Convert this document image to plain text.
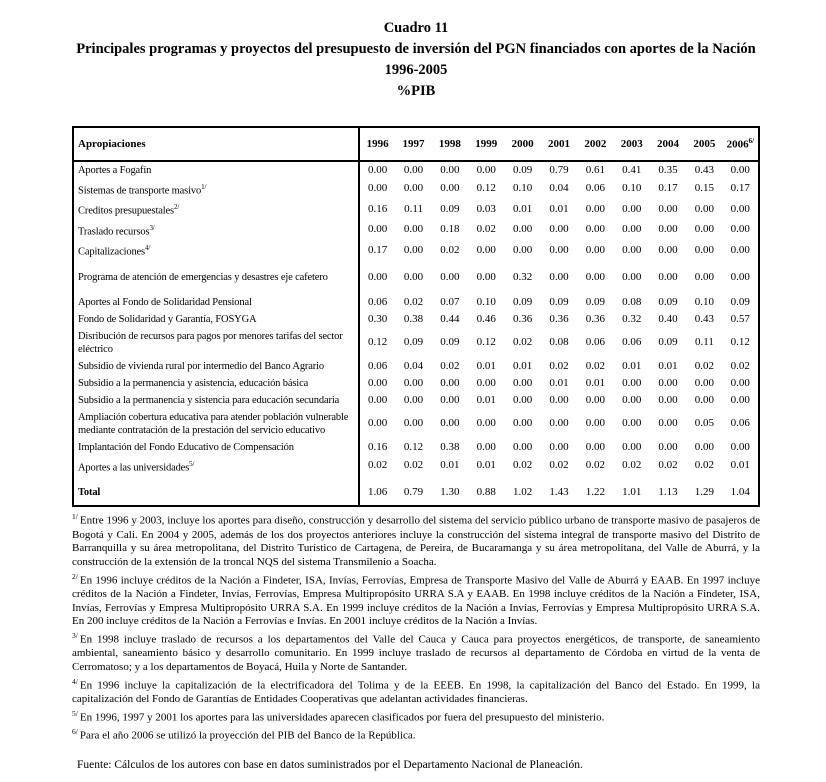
Cuadro 11
Principales programas y proyectos del presupuesto de inversión del PGN financiados con aportes de la Nación 1996-2005
%PIB
Apropiaciones	1996	1997	1998	1999	2000	2001	2002	2003	2004	2005	$2006^{6/}$
Aportes a Fogafín	0.00	0.00	0.00	0.00	0.09	0.79	0.61	0.41	0.35	0.43	0.00
Sistemas de transporte masivo$^{1/}$	0.00	0.00	0.00	0.12	0.10	0.04	0.06	0.10	0.17	0.15	0.17
Creditos presupuestales$^{2/}$	0.16	0.11	0.09	0.03	0.01	0.01	0.00	0.00	0.00	0.00	0.00
Traslado recursos$^{3/}$	0.00	0.00	0.18	0.02	0.00	0.00	0.00	0.00	0.00	0.00	0.00
Capitalizaciones$^{4/}$	0.17	0.00	0.02	0.00	0.00	0.00	0.00	0.00	0.00	0.00	0.00
Programa de atención de emergencias y desastres eje cafetero	0.00	0.00	0.00	0.00	0.32	0.00	0.00	0.00	0.00	0.00	0.00
Aportes al Fondo de Solidaridad Pensional	0.06	0.02	0.07	0.10	0.09	0.09	0.09	0.08	0.09	0.10	0.09
Fondo de Solidaridad y Garantía, FOSYGA	0.30	0.38	0.44	0.46	0.36	0.36	0.36	0.32	0.40	0.43	0.57
Disribución de recursos para pagos por menores tarifas del sector eléctrico	0.12	0.09	0.09	0.12	0.02	0.08	0.06	0.06	0.09	0.11	0.12
Subsidio de vivienda rural por intermedio del Banco Agrario	0.06	0.04	0.02	0.01	0.01	0.02	0.02	0.01	0.01	0.02	0.02
Subsidio a la permanencia y asistencia, educación básica	0.00	0.00	0.00	0.00	0.00	0.01	0.01	0.00	0.00	0.00	0.00
Subsidio a la permanencia y sistencia para educación secundaria	0.00	0.00	0.00	0.01	0.00	0.00	0.00	0.00	0.00	0.00	0.00
Ampliación cobertura educativa para atender población vulnerable mediante contratación de la prestación del servicio educativo	0.00	0.00	0.00	0.00	0.00	0.00	0.00	0.00	0.00	0.05	0.06
Implantación del Fondo Educativo de Compensación	0.16	0.12	0.38	0.00	0.00	0.00	0.00	0.00	0.00	0.00	0.00
Aportes a las universidades$^{5/}$	0.02	0.02	0.01	0.01	0.02	0.02	0.02	0.02	0.02	0.02	0.01
Total	1.06	0.79	1.30	0.88	1.02	1.43	1.22	1.01	1.13	1.29	1.04
$^{1/}$ Entre 1996 y 2003, incluye los aportes para diseño, construcción y desarrollo del sistema del servicio público urbano de transporte masivo de pasajeros de Bogotá y Cali. En 2004 y 2005, además de los dos proyectos anteriores incluye la construcción del sistema integral de transporte masivo del Distrito de Barranquilla y su área metropolitana, del Distrito Turístico de Cartagena, de Pereira, de Bucaramanga y su área metropolitana, del Valle de Aburrá, y la construcción de la extensión de la troncal NQS del sistema Transmilenio a Soacha.
$^{2/}$ En 1996 incluye créditos de la Nación a Findeter, ISA, Invías, Ferrovías, Empresa de Transporte Masivo del Valle de Aburrá y EAAB. En 1997 incluye créditos de la Nación a Findeter, Invías, Ferrovías, Empresa Multipropósito URRA S.A y EAAB. En 1998 incluye créditos de la Nación a Findeter, ISA, Invías, Ferrovías y Empresa Multipropósito URRA S.A. En 1999 incluye créditos de la Nación a Invías, Ferrovías y Empresa Multipropósito URRA S.A. En 200 incluye créditos de la Nación a Ferrovías e Invías. En 2001 incluye créditos de la Nación a Invías.
$^{3/}$ En 1998 incluye traslado de recursos a los departamentos del Valle del Cauca y Cauca para proyectos energéticos, de transporte, de saneamiento ambiental, saneamiento básico y desarrollo comunitario. En 1999 incluye traslado de recursos al departamento de Córdoba en virtud de la venta de Cerromatoso; y a los departamentos de Boyacá, Huila y Norte de Santander.
$^{4/}$ En 1996 incluye la capitalización de la electrificadora del Tolima y de la EEEB. En 1998, la capitalización del Banco del Estado. En 1999, la capitalización del Fondo de Garantías de Entidades Cooperativas que adelantan actividades financieras.
$^{5/}$ En 1996, 1997 y 2001 los aportes para las universidades aparecen clasificados por fuera del presupuesto del ministerio.
$^{6/}$ Para el año 2006 se utilizó la proyección del PIB del Banco de la República.
Fuente: Cálculos de los autores con base en datos suministrados por el Departamento Nacional de Planeación.
